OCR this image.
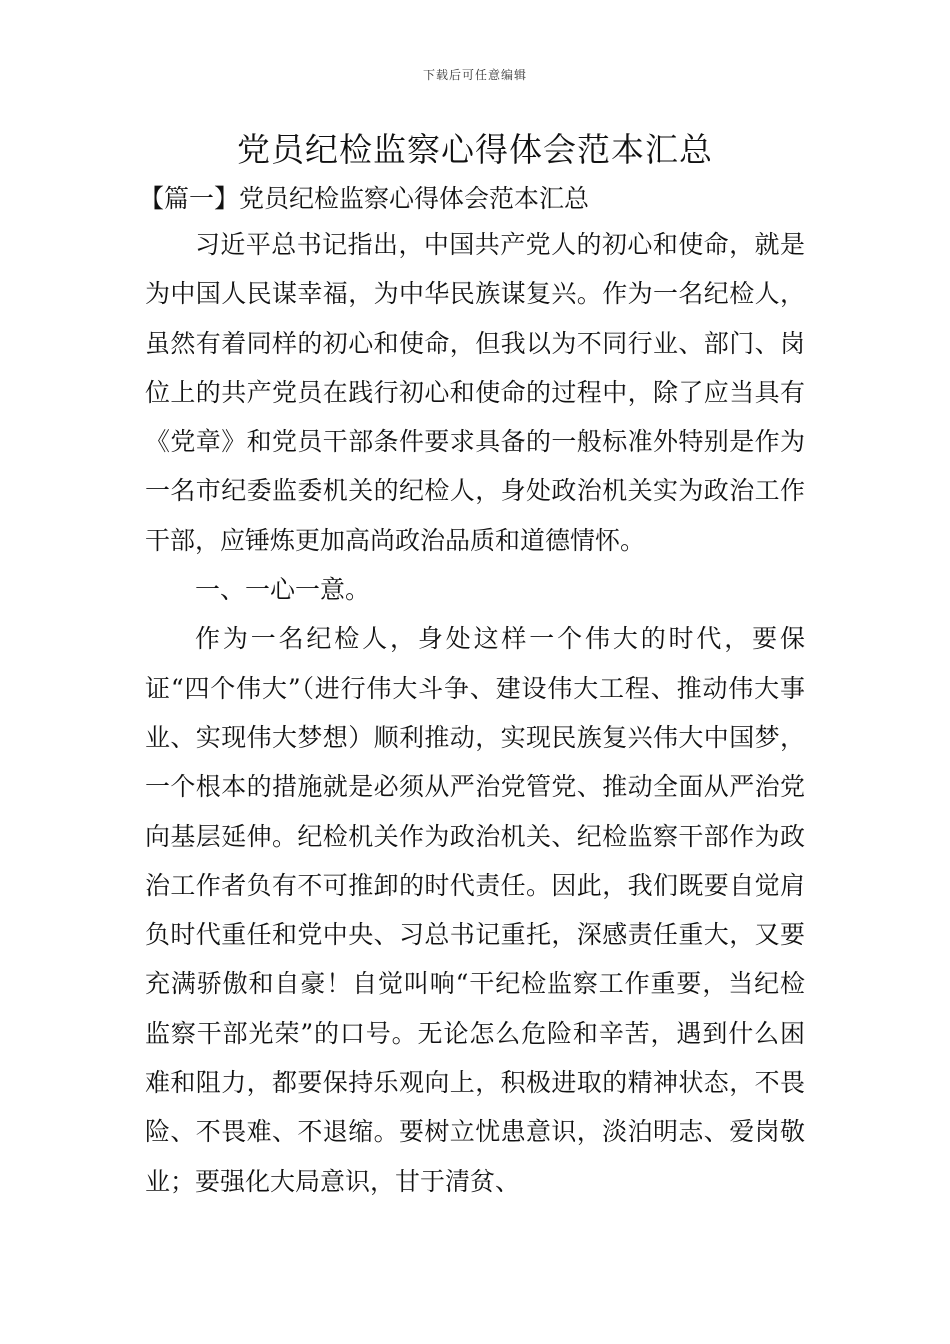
下载后可任意编辑
党员纪检监察心得体会范本汇总
【篇一】党员纪检监察心得体会范本汇总

习近平总书记指出，中国共产党人的初心和使命，就是为中国人民谋幸福，为中华民族谋复兴。作为一名纪检人，虽然有着同样的初心和使命，但我以为不同行业、部门、岗位上的共产党员在践行初心和使命的过程中，除了应当具有《党章》和党员干部条件要求具备的一般标准外特别是作为一名市纪委监委机关的纪检人，身处政治机关实为政治工作干部，应锤炼更加高尚政治品质和道德情怀。

一、一心一意。

作为一名纪检人，身处这样一个伟大的时代，要保证“四个伟大”（进行伟大斗争、建设伟大工程、推动伟大事业、实现伟大梦想）顺利推动，实现民族复兴伟大中国梦，一个根本的措施就是必须从严治党管党、推动全面从严治党向基层延伸。纪检机关作为政治机关、纪检监察干部作为政治工作者负有不可推卸的时代责任。因此，我们既要自觉肩负时代重任和党中央、习总书记重托，深感责任重大，又要充满骄傲和自豪！自觉叫响“干纪检监察工作重要，当纪检监察干部光荣”的口号。无论怎么危险和辛苦，遇到什么困难和阻力，都要保持乐观向上，积极进取的精神状态，不畏险、不畏难、不退缩。要树立忧患意识，淡泊明志、爱岗敬业；要强化大局意识，甘于清贫、
